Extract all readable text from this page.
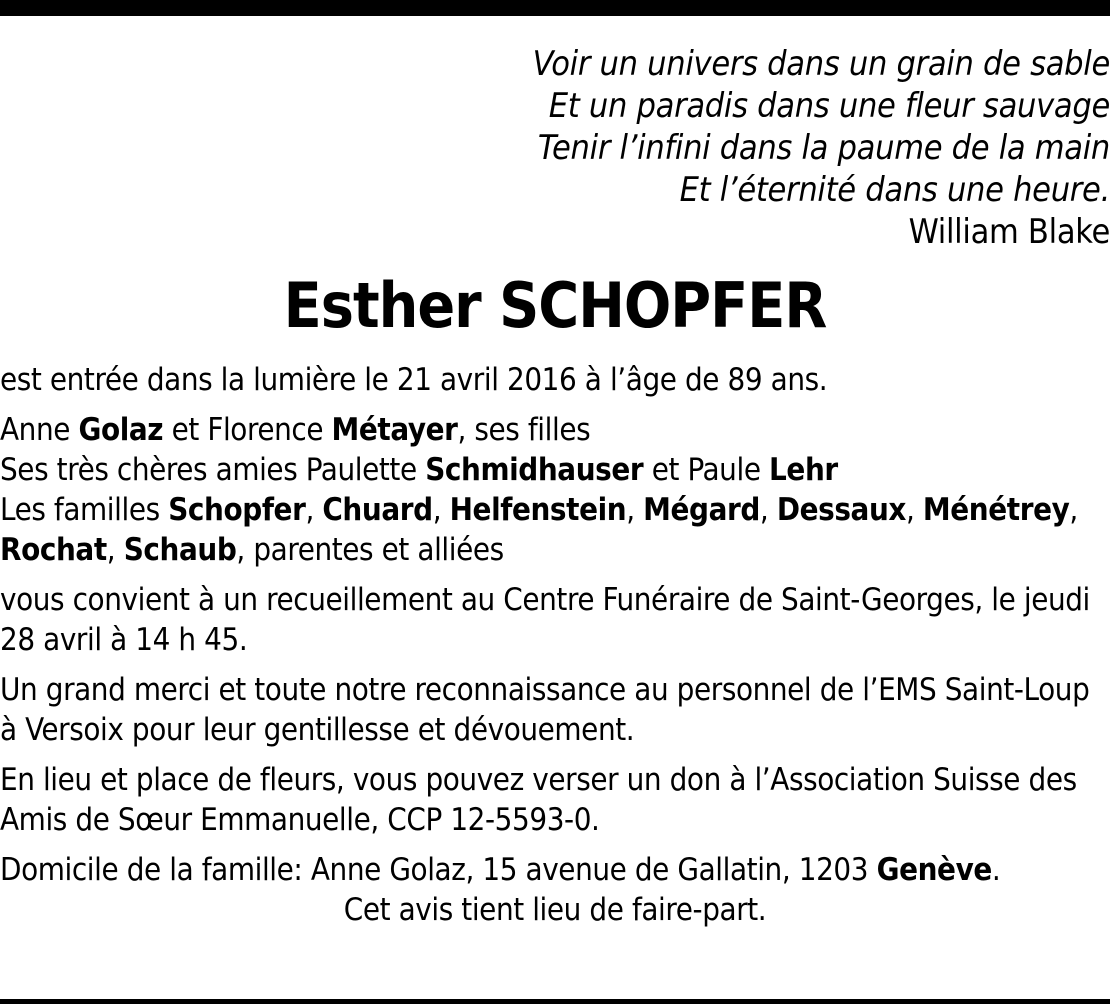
Voir un univers dans un grain de sable
Et un paradis dans une fleur sauvage
Tenir l’infini dans la paume de la main
Et l’éternité dans une heure.
William Blake
Esther SCHOPFER

est entrée dans la lumière le 21 avril 2016 à l’âge de 89 ans.

Anne Golaz et Florence Métayer, ses filles
Ses très chères amies Paulette Schmidhauser et Paule Lehr
Les familles Schopfer, Chuard, Helfenstein, Mégard, Dessaux, Ménétrey, Rochat, Schaub, parentes et alliées

vous convient à un recueillement au Centre Funéraire de Saint-Georges, le jeudi 28 avril à 14 h 45.

Un grand merci et toute notre reconnaissance au personnel de l’EMS Saint-Loup à Versoix pour leur gentillesse et dévouement.

En lieu et place de fleurs, vous pouvez verser un don à l’Association Suisse des Amis de Sœur Emmanuelle, CCP 12-5593-0.

Domicile de la famille: Anne Golaz, 15 avenue de Gallatin, 1203 Genève.

Cet avis tient lieu de faire-part.
